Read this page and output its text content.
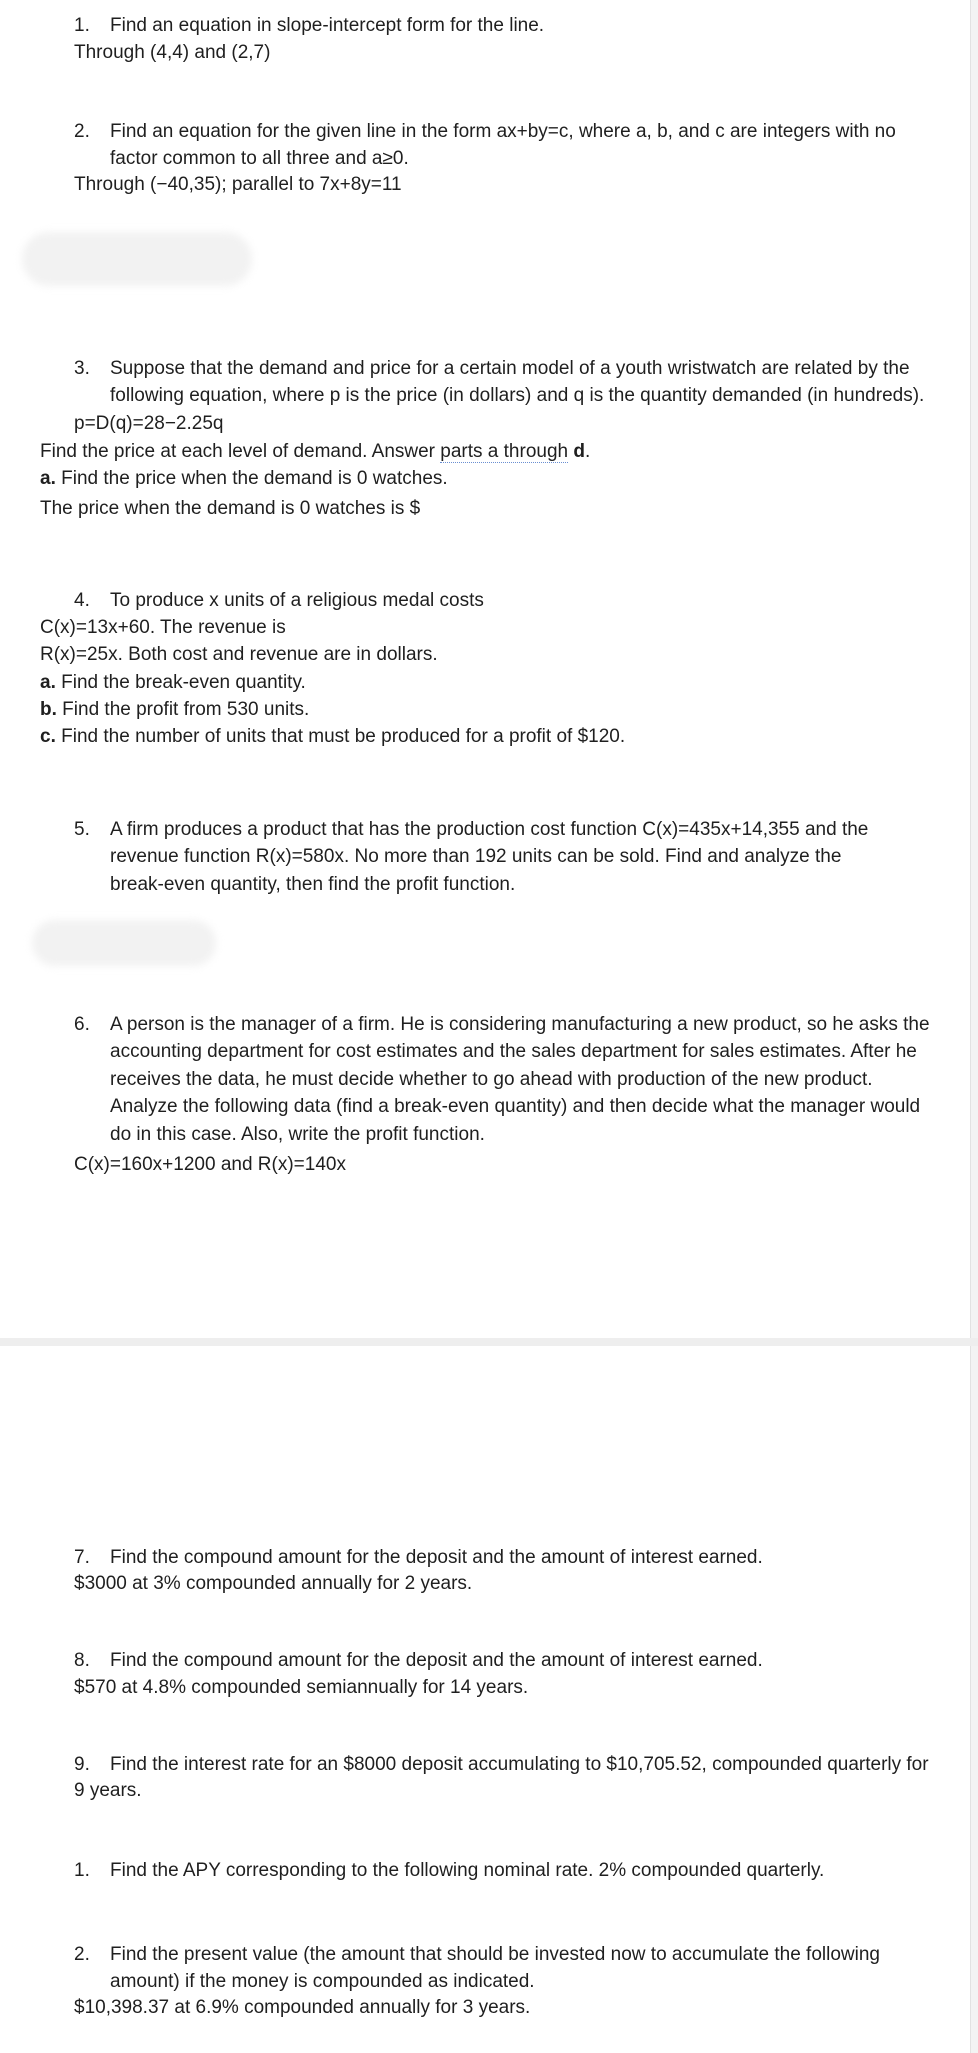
1. Find an equation in slope-intercept form for the line.
Through (4,4) and (2,7)
2. Find an equation for the given line in the form ax+by=c, where a, b, and c are integers with no
factor common to all three and a≥0.
Through (−40,35); parallel to 7x+8y=11
3. Suppose that the demand and price for a certain model of a youth wristwatch are related by the
following equation, where p is the price (in dollars) and q is the quantity demanded (in hundreds).
p=D(q)=28−2.25q
Find the price at each level of demand. Answer parts a through d.
a. Find the price when the demand is 0 watches.
The price when the demand is 0 watches is $
4. To produce x units of a religious medal costs
C(x)=13x+60. The revenue is
R(x)=25x. Both cost and revenue are in dollars.
a. Find the break-even quantity.
b. Find the profit from 530 units.
c. Find the number of units that must be produced for a profit of $120.
5. A firm produces a product that has the production cost function C(x)=435x+14,355 and the
revenue function R(x)=580x. No more than 192 units can be sold. Find and analyze the
break-even quantity, then find the profit function.
6. A person is the manager of a firm. He is considering manufacturing a new product, so he asks the
accounting department for cost estimates and the sales department for sales estimates. After he
receives the data, he must decide whether to go ahead with production of the new product.
Analyze the following data (find a break-even quantity) and then decide what the manager would
do in this case. Also, write the profit function.
C(x)=160x+1200 and R(x)=140x
7. Find the compound amount for the deposit and the amount of interest earned.
$3000 at 3% compounded annually for 2 years.
8. Find the compound amount for the deposit and the amount of interest earned.
$570 at 4.8% compounded semiannually for 14 years.
9. Find the interest rate for an $8000 deposit accumulating to $10,705.52, compounded quarterly for
9 years.
1. Find the APY corresponding to the following nominal rate. 2% compounded quarterly.
2. Find the present value (the amount that should be invested now to accumulate the following
amount) if the money is compounded as indicated.
$10,398.37 at 6.9% compounded annually for 3 years.
